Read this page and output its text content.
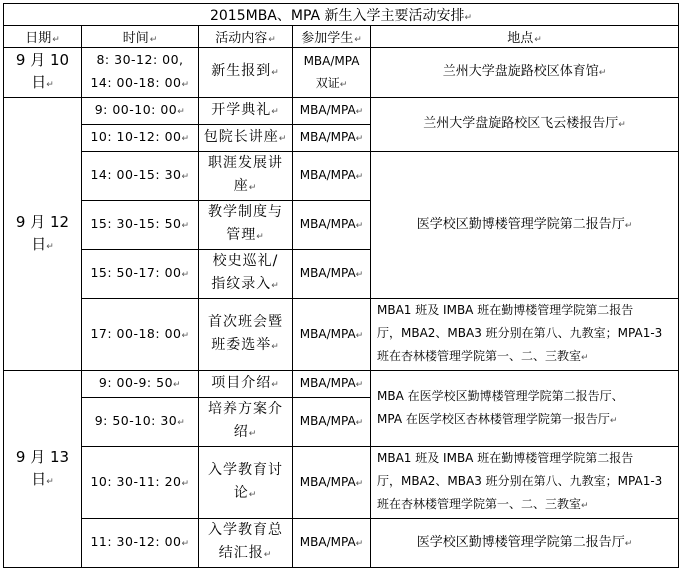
2015MBA、MPA 新生入学主要活动安排↵				
日期↵	时间↵	活动内容↵	参加学生↵	地点↵
9 月 10
日↵	8: 30-12: 00,
14: 00-18: 00↵	新生报到↵	MBA/MPA
双证↵	兰州大学盘旋路校区体育馆↵
9 月 12
日↵	9: 00-10: 00↵	开学典礼↵	MBA/MPA↵	兰州大学盘旋路校区飞云楼报告厅↵
	10: 10-12: 00↵	包院长讲座↵	MBA/MPA↵	
	14: 00-15: 30↵	职涯发展讲
座↵	MBA/MPA↵	医学校区勤博楼管理学院第二报告厅↵
	15: 30-15: 50↵	教学制度与
管理↵	MBA/MPA↵	
	15: 50-17: 00↵	校史巡礼/
指纹录入↵	MBA/MPA↵	
	17: 00-18: 00↵	首次班会暨
班委选举↵	MBA/MPA↵	MBA1 班及 IMBA 班在勤博楼管理学院第二报告
厅，MBA2、MBA3 班分别在第八、九教室；MPA1-3
班在杏林楼管理学院第一、二、三教室↵
9 月 13
日↵	9: 00-9: 50↵	项目介绍↵	MBA/MPA↵	MBA 在医学校区勤博楼管理学院第二报告厅、
MPA 在医学校区杏林楼管理学院第一报告厅↵
	9: 50-10: 30↵	培养方案介
绍↵	MBA/MPA↵	
	10: 30-11: 20↵	入学教育讨
论↵	MBA/MPA↵	MBA1 班及 IMBA 班在勤博楼管理学院第二报告
厅，MBA2、MBA3 班分别在第八、九教室；MPA1-3
班在杏林楼管理学院第一、二、三教室↵
	11: 30-12: 00↵	入学教育总
结汇报↵	MBA/MPA↵	医学校区勤博楼管理学院第二报告厅↵
